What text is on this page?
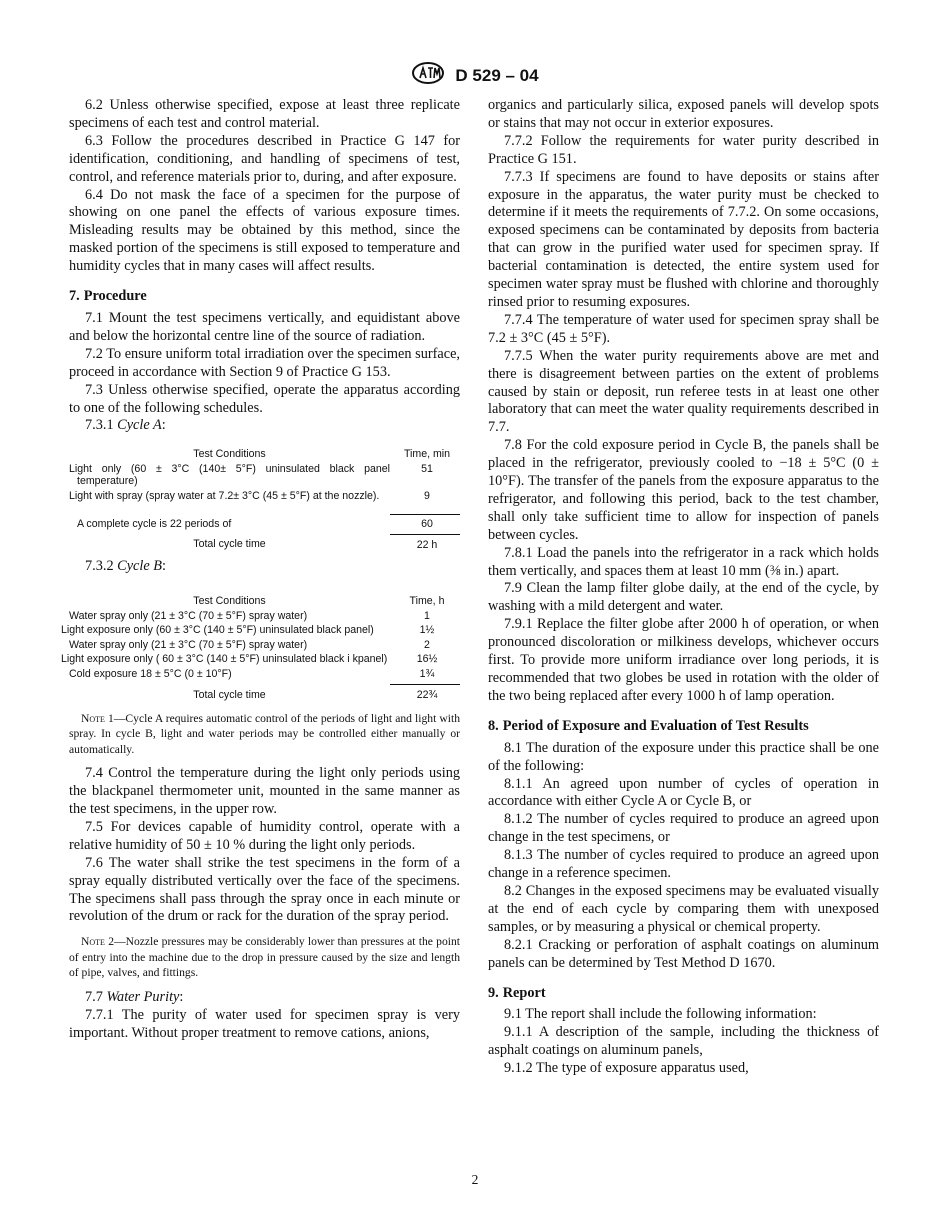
D 529 – 04

6.2 Unless otherwise specified, expose at least three replicate specimens of each test and control material.

6.3 Follow the procedures described in Practice G 147 for identification, conditioning, and handling of specimens of test, control, and reference materials prior to, during, and after exposure.

6.4 Do not mask the face of a specimen for the purpose of showing on one panel the effects of various exposure times. Misleading results may be obtained by this method, since the masked portion of the specimens is still exposed to temperature and humidity cycles that in many cases will affect results.

7. Procedure

7.1 Mount the test specimens vertically, and equidistant above and below the horizontal centre line of the source of radiation.

7.2 To ensure uniform total irradiation over the specimen surface, proceed in accordance with Section 9 of Practice G 153.

7.3 Unless otherwise specified, operate the apparatus according to one of the following schedules.

7.3.1 Cycle A:

Test Conditions	Time, min
Light only (60 ± 3°C (140± 5°F) uninsulated black panel temperature)	51
Light with spray (spray water at 7.2± 3°C (45 ± 5°F) at the nozzle).	9
A complete cycle is 22 periods of	60
Total cycle time	22 h

7.3.2 Cycle B:

Test Conditions	Time, h
Water spray only (21 ± 3°C (70 ± 5°F) spray water)	1
Light exposure only (60 ± 3°C (140 ± 5°F) uninsulated black panel)	1½
Water spray only (21 ± 3°C (70 ± 5°F) spray water)	2
Light exposure only ( 60 ± 3°C (140 ± 5°F) uninsulated black i kpanel)	16½
Cold exposure 18 ± 5°C (0 ± 10°F)	1¾
Total cycle time	22¾

Note 1—Cycle A requires automatic control of the periods of light and light with spray. In cycle B, light and water periods may be controlled either manually or automatically.

7.4 Control the temperature during the light only periods using the blackpanel thermometer unit, mounted in the same manner as the test specimens, in the upper row.

7.5 For devices capable of humidity control, operate with a relative humidity of 50 ± 10 % during the light only periods.

7.6 The water shall strike the test specimens in the form of a spray equally distributed vertically over the face of the specimens. The specimens shall pass through the spray once in each minute or revolution of the drum or rack for the duration of the spray period.

Note 2—Nozzle pressures may be considerably lower than pressures at the point of entry into the machine due to the drop in pressure caused by the size and length of pipe, valves, and fittings.

7.7 Water Purity:

7.7.1 The purity of water used for specimen spray is very important. Without proper treatment to remove cations, anions,

organics and particularly silica, exposed panels will develop spots or stains that may not occur in exterior exposures.

7.7.2 Follow the requirements for water purity described in Practice G 151.

7.7.3 If specimens are found to have deposits or stains after exposure in the apparatus, the water purity must be checked to determine if it meets the requirements of 7.7.2. On some occasions, exposed specimens can be contaminated by deposits from bacteria that can grow in the purified water used for specimen spray. If bacterial contamination is detected, the entire system used for specimen water spray must be flushed with chlorine and thoroughly rinsed prior to resuming exposures.

7.7.4 The temperature of water used for specimen spray shall be 7.2 ± 3°C (45 ± 5°F).

7.7.5 When the water purity requirements above are met and there is disagreement between parties on the extent of problems caused by stain or deposit, run referee tests in at least one other laboratory that can meet the water quality requirements described in 7.7.

7.8 For the cold exposure period in Cycle B, the panels shall be placed in the refrigerator, previously cooled to −18 ± 5°C (0 ± 10°F). The transfer of the panels from the exposure apparatus to the refrigerator, and following this period, back to the test chamber, shall only take sufficient time to allow for inspection of panels between cycles.

7.8.1 Load the panels into the refrigerator in a rack which holds them vertically, and spaces them at least 10 mm (⅜ in.) apart.

7.9 Clean the lamp filter globe daily, at the end of the cycle, by washing with a mild detergent and water.

7.9.1 Replace the filter globe after 2000 h of operation, or when pronounced discoloration or milkiness develops, whichever occurs first. To provide more uniform irradiance over long periods, it is recommended that two globes be used in rotation with the older of the two being replaced after every 1000 h of lamp operation.

8. Period of Exposure and Evaluation of Test Results

8.1 The duration of the exposure under this practice shall be one of the following:

8.1.1 An agreed upon number of cycles of operation in accordance with either Cycle A or Cycle B, or

8.1.2 The number of cycles required to produce an agreed upon change in the test specimens, or

8.1.3 The number of cycles required to produce an agreed upon change in a reference specimen.

8.2 Changes in the exposed specimens may be evaluated visually at the end of each cycle by comparing them with unexposed samples, or by measuring a physical or chemical property.

8.2.1 Cracking or perforation of asphalt coatings on aluminum panels can be determined by Test Method D 1670.

9. Report

9.1 The report shall include the following information:

9.1.1 A description of the sample, including the thickness of asphalt coatings on aluminum panels,

9.1.2 The type of exposure apparatus used,

2
